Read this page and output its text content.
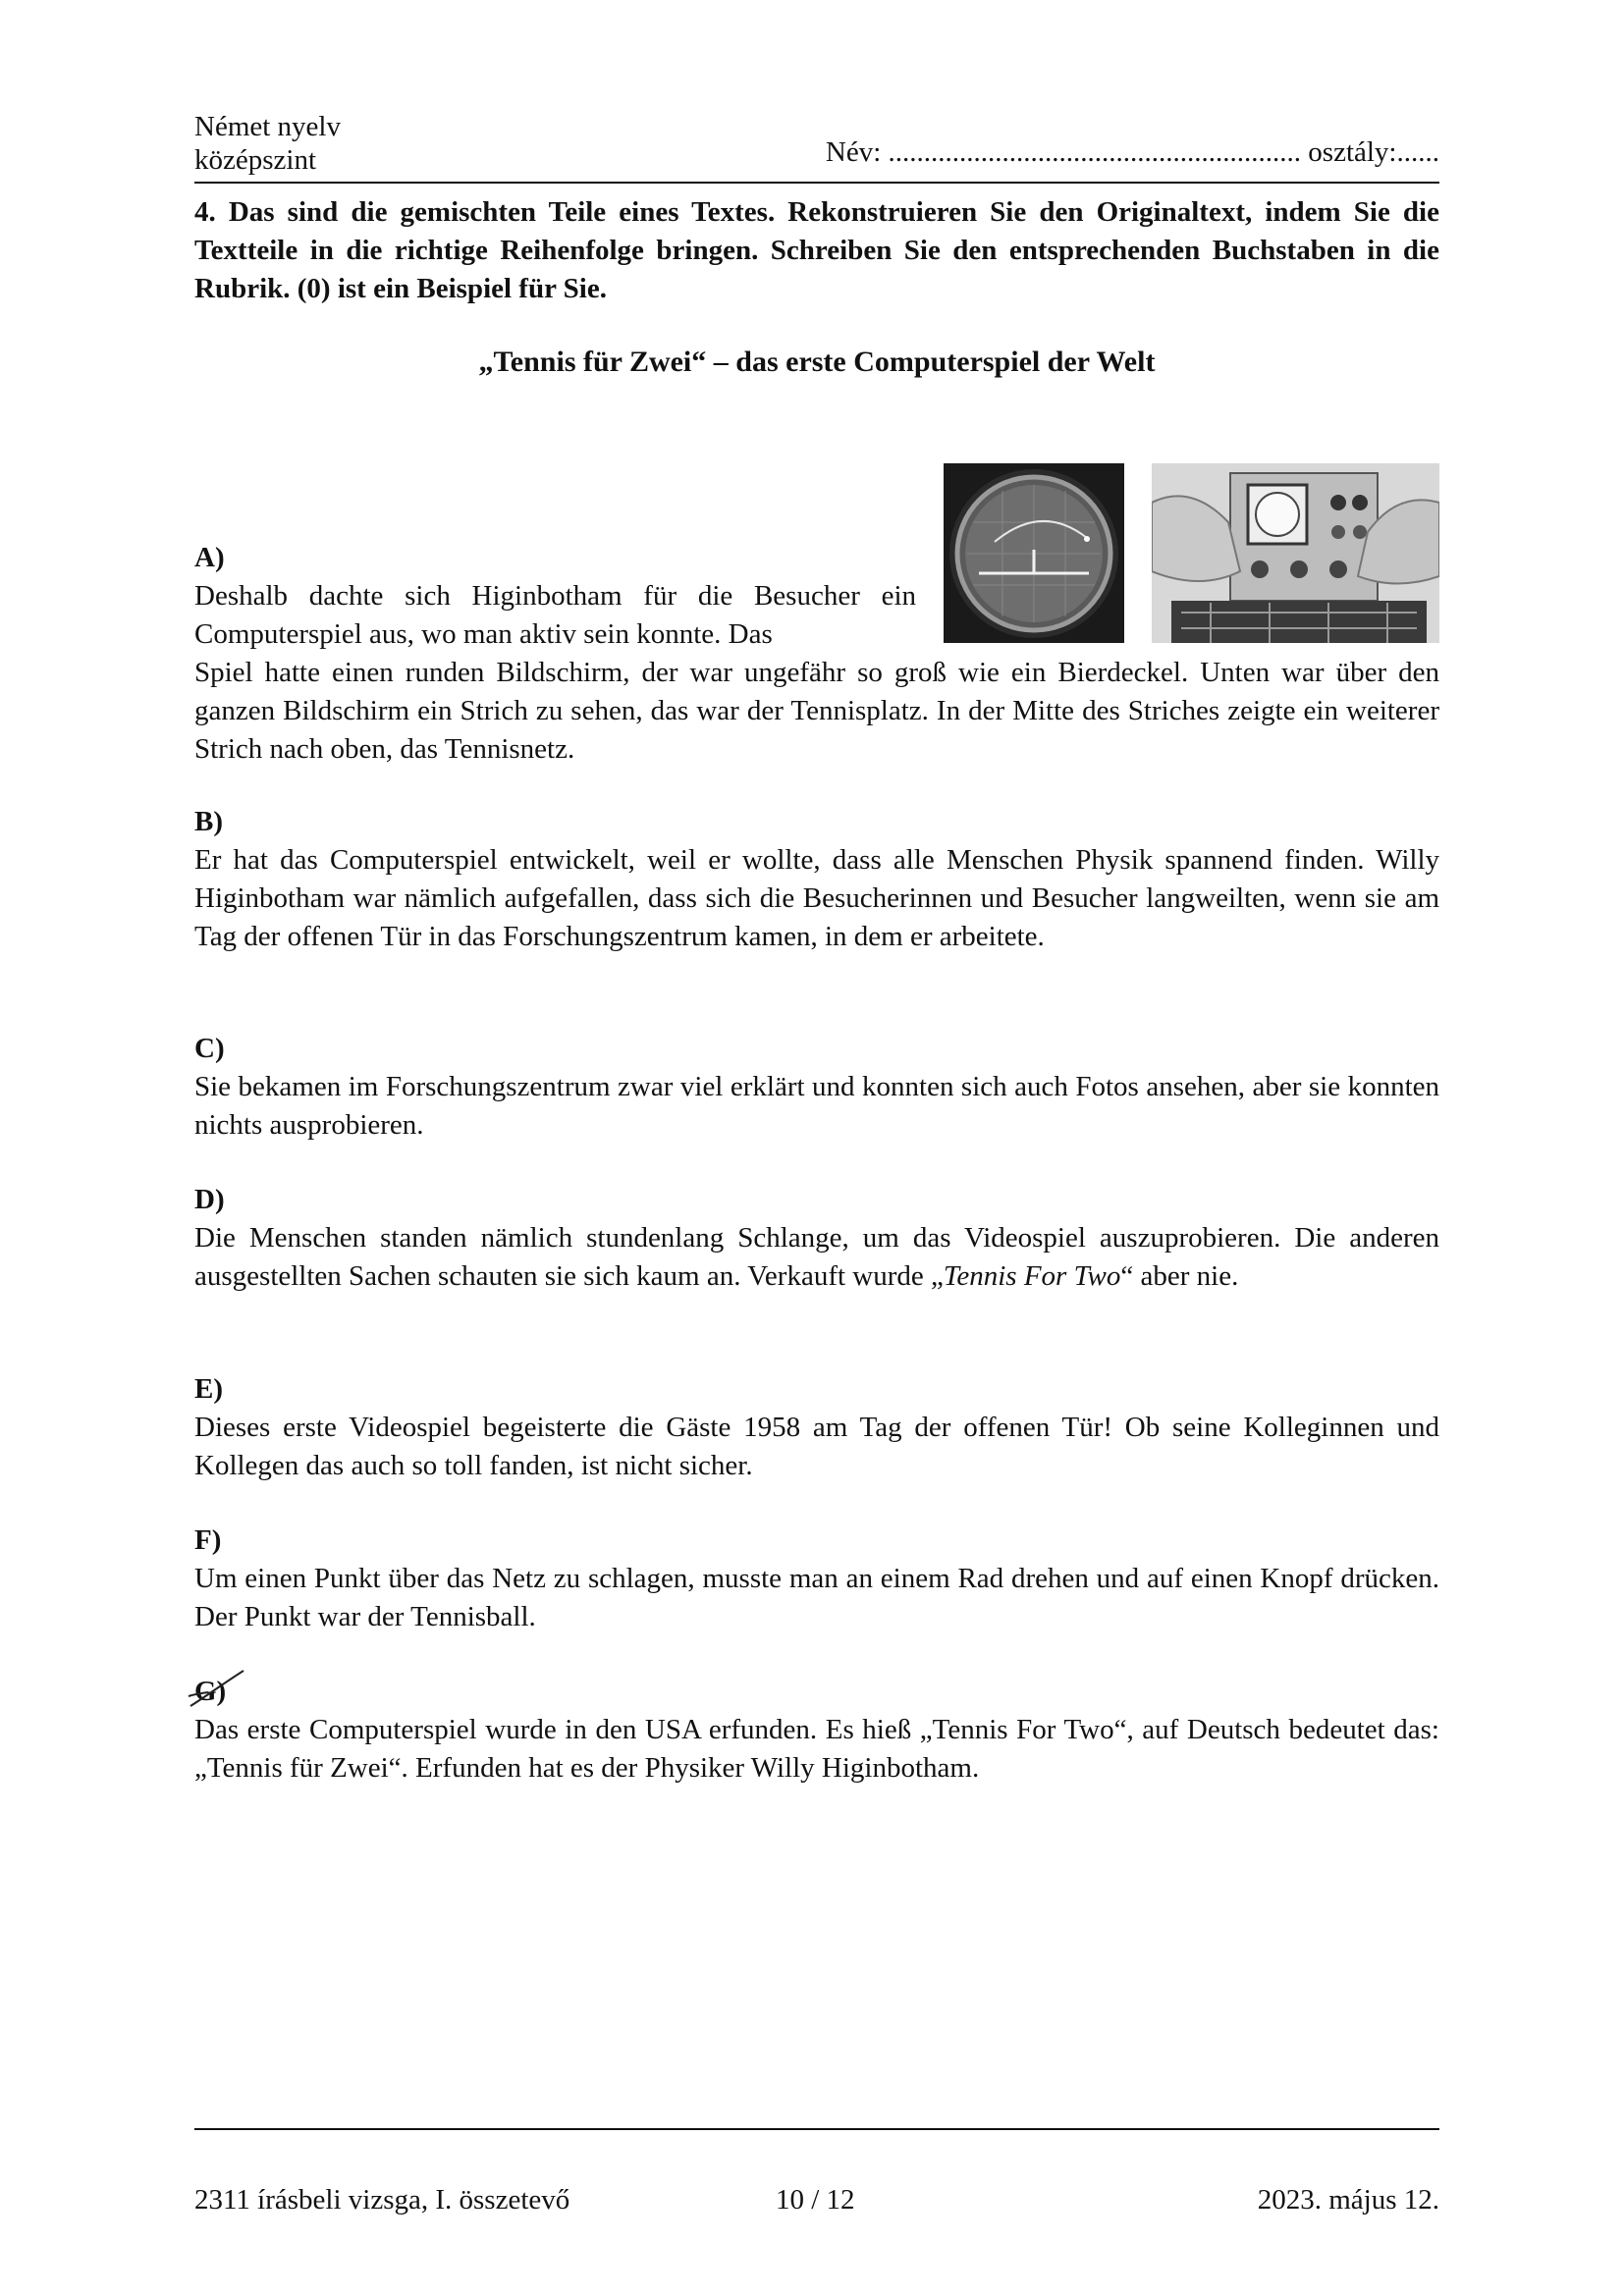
Német nyelv
középszint	Név: .......................................................... osztály:......
4. Das sind die gemischten Teile eines Textes. Rekonstruieren Sie den Originaltext, indem Sie die Textteile in die richtige Reihenfolge bringen. Schreiben Sie den entsprechenden Buchstaben in die Rubrik. (0) ist ein Beispiel für Sie.
„Tennis für Zwei“ – das erste Computerspiel der Welt
A)
Deshalb dachte sich Higinbotham für die Besucher ein Computerspiel aus, wo man aktiv sein konnte. Das
Spiel hatte einen runden Bildschirm, der war ungefähr so groß wie ein Bierdeckel. Unten war über den ganzen Bildschirm ein Strich zu sehen, das war der Tennisplatz. In der Mitte des Striches zeigte ein weiterer Strich nach oben, das Tennisnetz.
B)
Er hat das Computerspiel entwickelt, weil er wollte, dass alle Menschen Physik spannend finden. Willy Higinbotham war nämlich aufgefallen, dass sich die Besucherinnen und Besucher langweilten, wenn sie am Tag der offenen Tür in das Forschungszentrum kamen, in dem er arbeitete.
C)
Sie bekamen im Forschungszentrum zwar viel erklärt und konnten sich auch Fotos ansehen, aber sie konnten nichts ausprobieren.
D)
Die Menschen standen nämlich stundenlang Schlange, um das Videospiel auszuprobieren. Die anderen ausgestellten Sachen schauten sie sich kaum an. Verkauft wurde „Tennis For Two“ aber nie.
E)
Dieses erste Videospiel begeisterte die Gäste 1958 am Tag der offenen Tür! Ob seine Kolleginnen und Kollegen das auch so toll fanden, ist nicht sicher.
F)
Um einen Punkt über das Netz zu schlagen, musste man an einem Rad drehen und auf einen Knopf drücken. Der Punkt war der Tennisball.
G)
Das erste Computerspiel wurde in den USA erfunden. Es hieß „Tennis For Two“, auf Deutsch bedeutet das: „Tennis für Zwei“. Erfunden hat es der Physiker Willy Higinbotham.
2311 írásbeli vizsga, I. összetevő	10 / 12	2023. május 12.
